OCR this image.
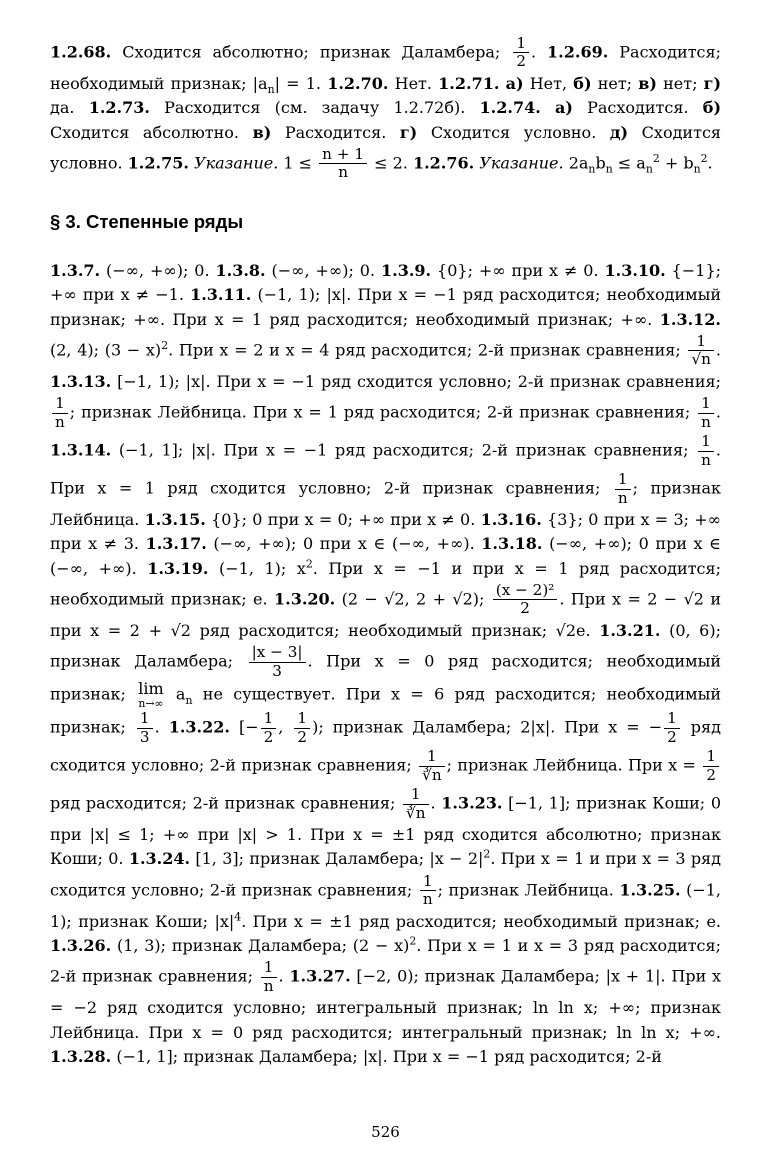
1.2.68. Сходится абсолютно; признак Даламбера; $\frac{1}{2}$ . 1.2.69. Расходится; необходимый признак; $|a_n| = 1$. 1.2.70. Нет. 1.2.71. а) Нет, б) нет; в) нет; г) да. 1.2.73. Расходится (см. задачу 1.2.72б). 1.2.74. а) Расходится. б) Сходится абсолютно. в) Расходится. г) Сходится условно. д) Сходится условно. 1.2.75. Указание. $1 \le \frac{n + 1}{n} \le 2$. 1.2.76. Указание. $2a_nb_n \le a_n^2 + b_n^2$.

§ 3. Степенные ряды

1.3.7. (−∞, +∞); 0. 1.3.8. (−∞, +∞); 0. 1.3.9. {0}; +∞ при x ≠ 0. 1.3.10. {−1}; +∞ при x ≠ −1. 1.3.11. (−1, 1); |x|. При x = −1 ряд расходится; необходимый признак; +∞. При x = 1 ряд расходится; необходимый признак; +∞. 1.3.12. (2, 4); $(3 - x)^2$. При x = 2 и x = 4 ряд расходится; 2-й признак сравнения; $\frac{1}{√n}$ . 1.3.13. [−1, 1); |x|. При x = −1 ряд сходится условно; 2-й признак сравнения;
$\frac{1}{n}$ ; признак Лейбница. При x = 1 ряд расходится; 2-й признак сравнения; $\frac{1}{n}$ . 1.3.14. (−1, 1]; |x|. При x = −1 ряд расходится; 2-й признак сравнения; $\frac{1}{n}$ . При x = 1 ряд сходится условно; 2-й признак сравнения; $\frac{1}{n}$ ; признак Лейбница. 1.3.15. {0}; 0 при x = 0; +∞ при x ≠ 0. 1.3.16. {3}; 0 при x = 3; +∞ при x ≠ 3. 1.3.17. (−∞, +∞); 0 при x ∈ (−∞, +∞). 1.3.18. (−∞, +∞); 0 при x ∈ (−∞, +∞). 1.3.19. (−1, 1); $x^2$. При x = −1 и при x = 1 ряд расходится; необходимый признак; e. 1.3.20. (2 − √2, 2 + √2); $\frac{\text{(x − 2)²}}{2}$ . При x = 2 − √2 и при x = 2 + √2 ряд расходится; необходимый признак; √2e. 1.3.21. (0, 6); признак Даламбера; $\frac{|x - 3|}{3}$ . При x = 0 ряд расходится; необходимый признак; lim
n→∞ $a_n$ не существует. При x = 6 ряд расходится; необходимый признак; $\frac{1}{3}$ . 1.3.22. [− $\frac{1}{2}$ , $\frac{1}{2}$ ); признак Даламбера; 2|x|. При x = − $\frac{1}{2}$ ряд сходится условно; 2-й признак сравнения; $\frac{1}{∛n}$ ; признак Лейбница. При $x = \frac{1}{2}$
ряд расходится; 2-й признак сравнения; $\frac{1}{∛n}$ . 1.3.23. [−1, 1]; признак Коши; 0 при |x| ≤ 1; +∞ при |x| > 1. При x = ±1 ряд сходится абсолютно; признак Коши; 0. 1.3.24. [1, 3]; признак Даламбера; $|x - 2|^2$. При x = 1 и при x = 3 ряд сходится условно; 2-й признак сравнения; $\frac{1}{n}$ ; признак Лейбница. 1.3.25. (−1, 1); признак Коши; $|x|^4$. При x = ±1 ряд расходится; необходимый признак; e. 1.3.26. (1, 3); признак Даламбера; $(2 - x)^2$. При x = 1 и x = 3 ряд расходится; 2-й признак сравнения; $\frac{1}{n}$ . 1.3.27. [−2, 0); признак Даламбера; |x + 1|. При x = −2 ряд сходится условно; интегральный признак; ln ln x; +∞; признак Лейбница. При x = 0 ряд расходится; интегральный признак; ln ln x; +∞. 1.3.28. (−1, 1]; признак Даламбера; |x|. При x = −1 ряд расходится; 2-й

526
